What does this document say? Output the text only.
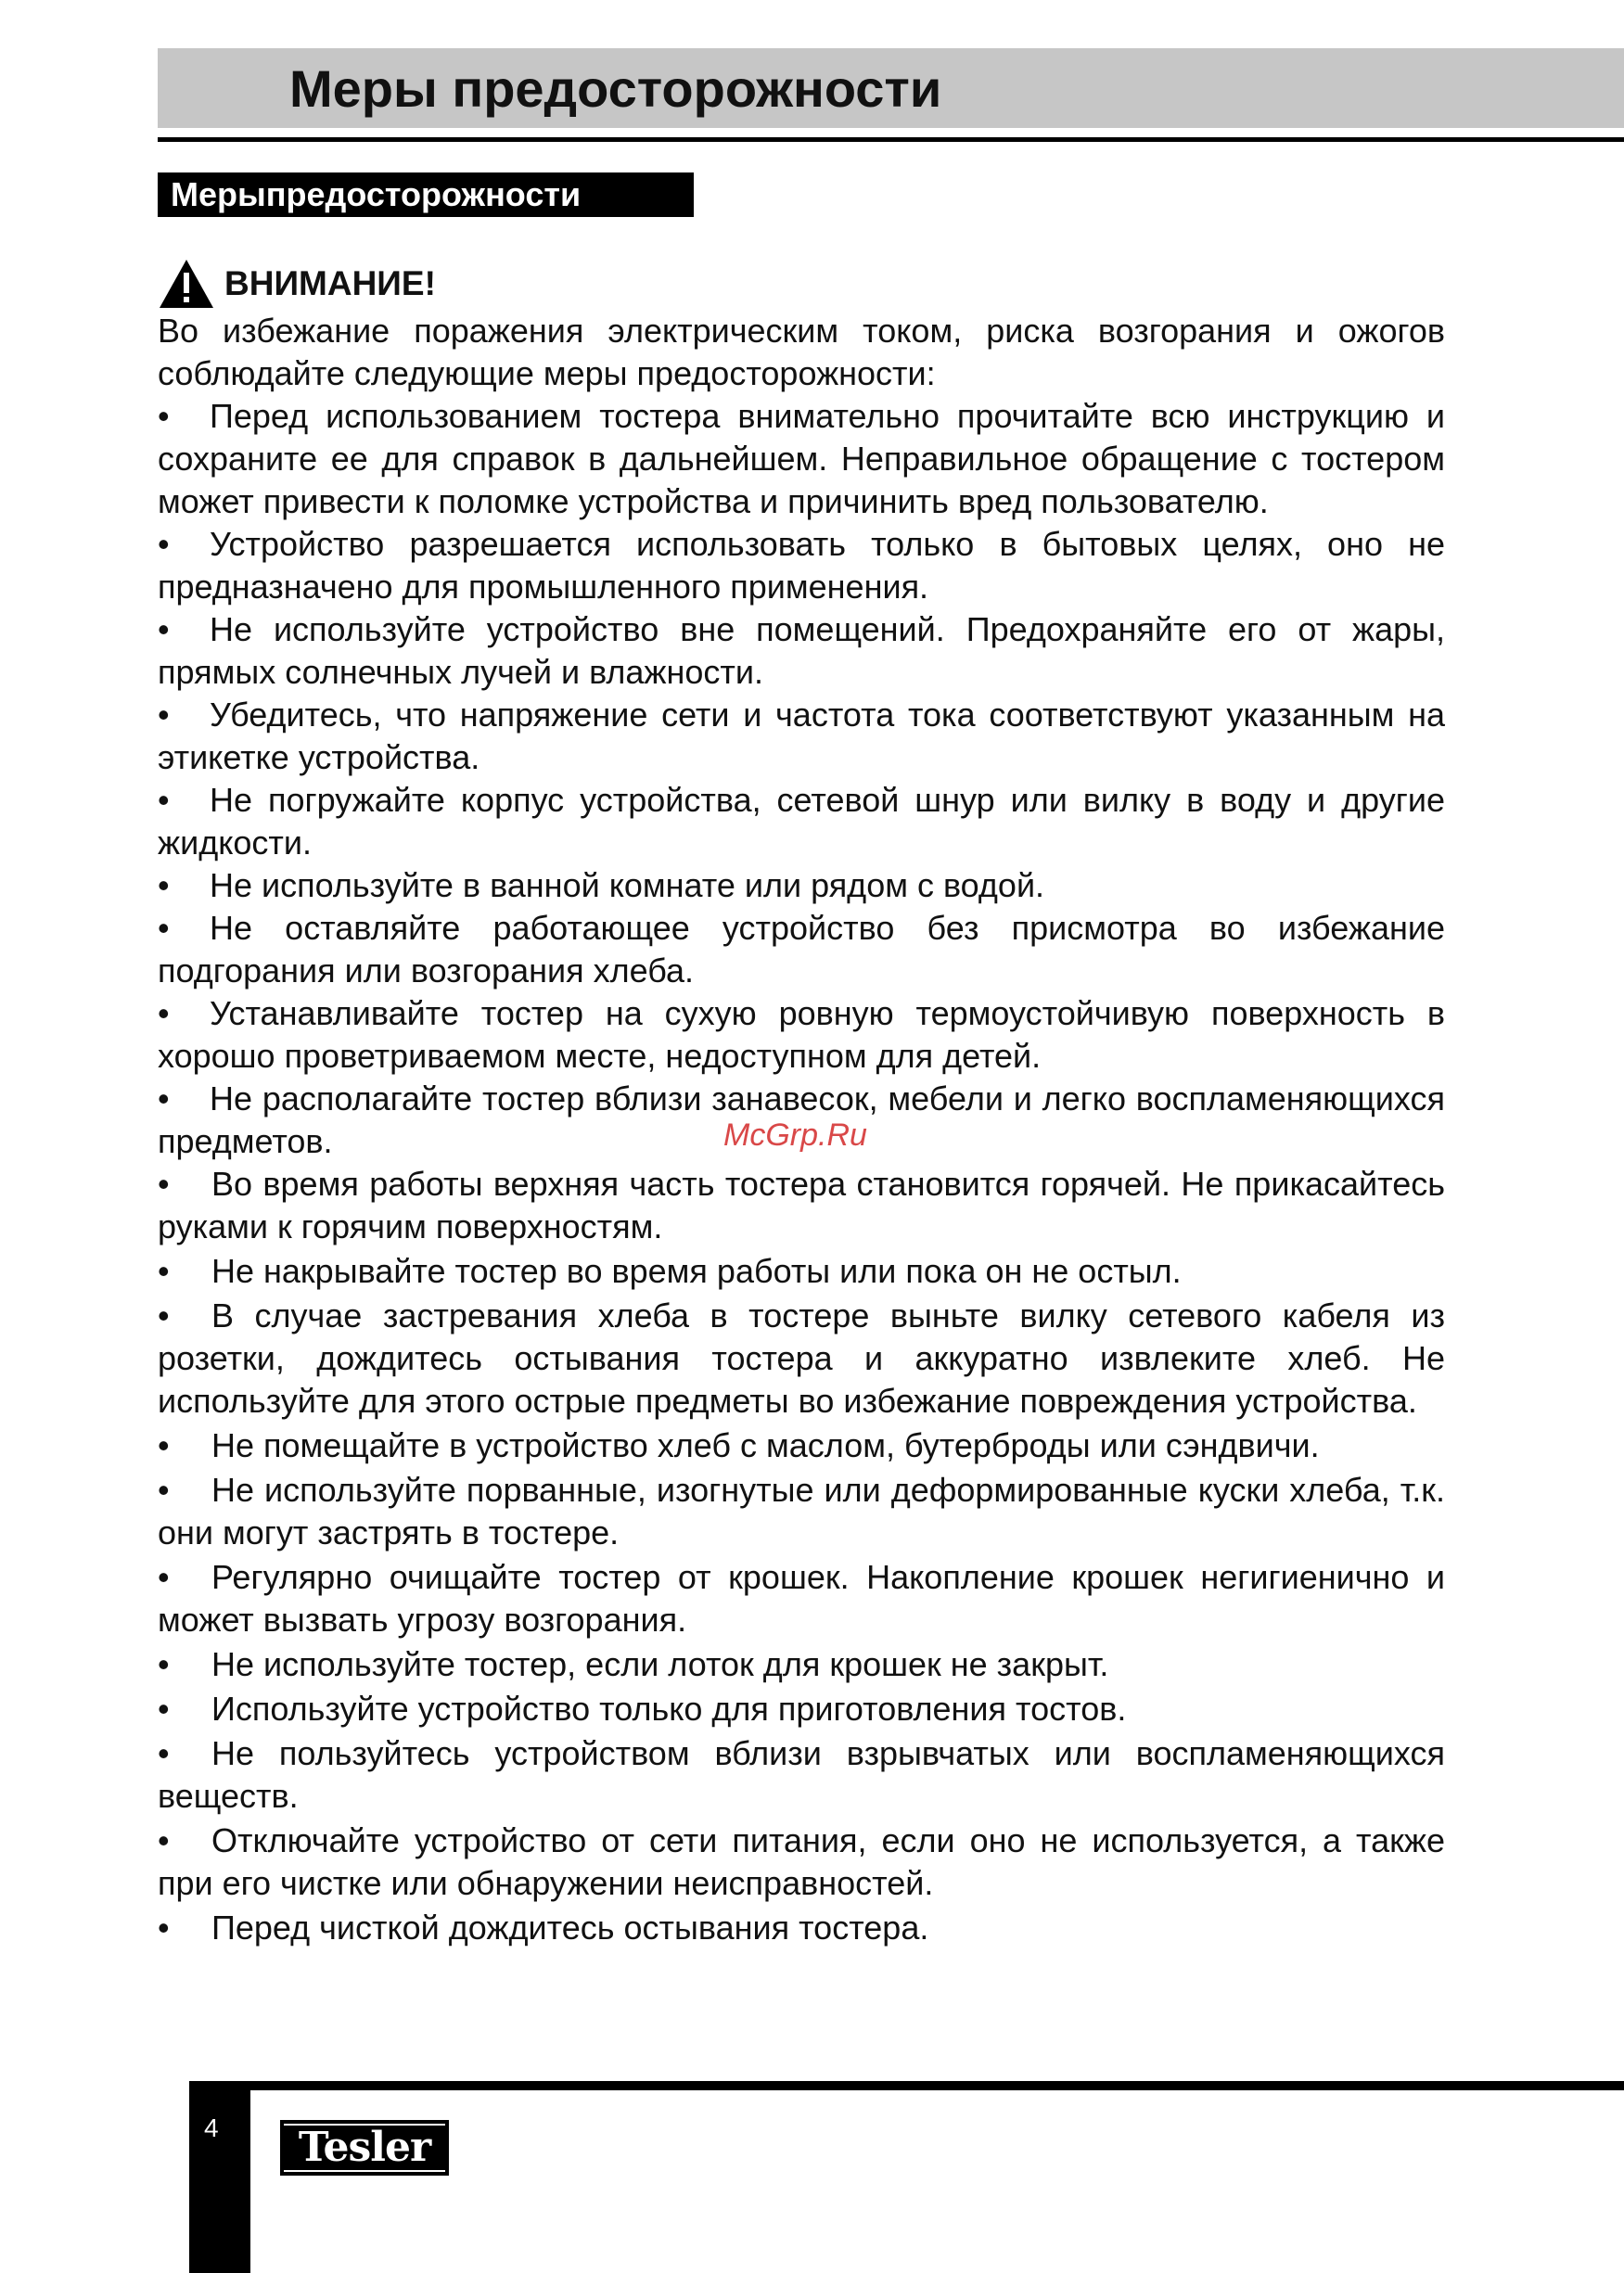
Меры предосторожности
Мерыпредосторожности
ВНИМАНИЕ!

Во избежание поражения электрическим током, риска возгорания и ожогов соблюдайте следующие меры предосторожности:

• Перед использованием тостера внимательно прочитайте всю инструкцию и сохраните ее для справок в дальнейшем. Неправильное обращение с тостером может привести к поломке устройства и причинить вред пользователю.
• Устройство разрешается использовать только в бытовых целях, оно не предназначено для промышленного применения.
• Не используйте устройство вне помещений. Предохраняйте его от жары, прямых солнечных лучей и влажности.
• Убедитесь, что напряжение сети и частота тока соответствуют указанным на этикетке устройства.
• Не погружайте корпус устройства, сетевой шнур или вилку в воду и другие жидкости.
• Не используйте в ванной комнате или рядом с водой.
• Не оставляйте работающее устройство без присмотра во избежание подгорания или возгорания хлеба.
• Устанавливайте тостер на сухую ровную термоустойчивую поверхность в хорошо проветриваемом месте, недоступном для детей.
• Не располагайте тостер вблизи занавесок, мебели и легко воспламеняющихся предметов.
• Во время работы верхняя часть тостера становится горячей. Не прикасайтесь руками к горячим поверхностям.
• Не накрывайте тостер во время работы или пока он не остыл.
• В случае застревания хлеба в тостере выньте вилку сетевого кабеля из розетки, дождитесь остывания тостера и аккуратно извлеките хлеб. Не используйте для этого острые предметы во избежание повреждения устройства.
• Не помещайте в устройство хлеб с маслом, бутерброды или сэндвичи.
• Не используйте порванные, изогнутые или деформированные куски хлеба, т.к. они могут застрять в тостере.
• Регулярно очищайте тостер от крошек. Накопление крошек негигиенично и может вызвать угрозу возгорания.
• Не используйте тостер, если лоток для крошек не закрыт.
• Используйте устройство только для приготовления тостов.
• Не пользуйтесь устройством вблизи взрывчатых или воспламеняющихся веществ.
• Отключайте устройство от сети питания, если оно не используется, а также при его чистке или обнаружении неисправностей.
• Перед чисткой дождитесь остывания тостера.
McGrp.Ru
4	Tesler
